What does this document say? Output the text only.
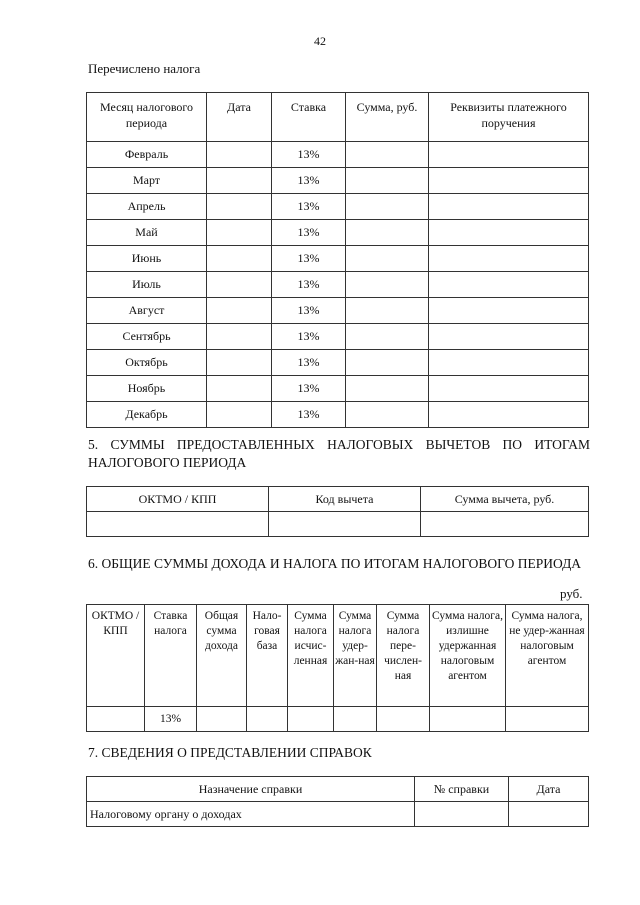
42
Перечислено налога
Месяц налогового периода	Дата	Ставка	Сумма, руб.	Реквизиты платежного поручения
Февраль		13%		
Март		13%		
Апрель		13%		
Май		13%		
Июнь		13%		
Июль		13%		
Август		13%		
Сентябрь		13%		
Октябрь		13%		
Ноябрь		13%		
Декабрь		13%		
5. СУММЫ ПРЕДОСТАВЛЕННЫХ НАЛОГОВЫХ ВЫЧЕТОВ ПО ИТОГАМ НАЛОГОВОГО ПЕРИОДА
ОКТМО / КПП	Код вычета	Сумма вычета, руб.

6. ОБЩИЕ СУММЫ ДОХОДА И НАЛОГА ПО ИТОГАМ НАЛОГОВОГО ПЕРИОДА
руб.
ОКТМО / КПП	Ставка налога	Общая сумма дохода	Нало-говая база	Сумма налога исчис-ленная	Сумма налога удер-жан-ная	Сумма налога пере-числен-ная	Сумма налога, излишне удержанная налоговым агентом	Сумма налога, не удер-жанная налоговым агентом
	13%							
7. СВЕДЕНИЯ О ПРЕДСТАВЛЕНИИ СПРАВОК
Назначение справки	№ справки	Дата
Налоговому органу о доходах		
